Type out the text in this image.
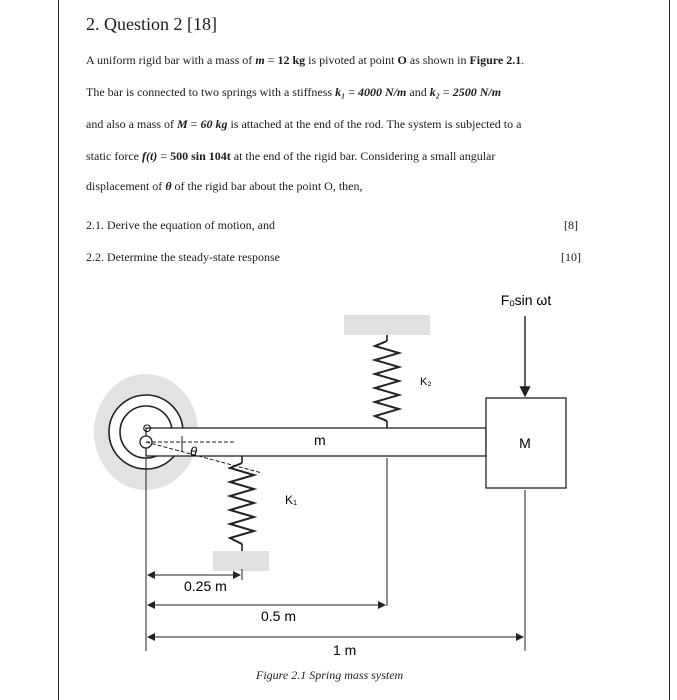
2. Question 2 [18]
A uniform rigid bar with a mass of m = 12 kg is pivoted at point O as shown in Figure 2.1.
The bar is connected to two springs with a stiffness k₁ = 4000 N/m and k₂ = 2500 N/m
and also a mass of M = 60 kg is attached at the end of the rod. The system is subjected to a
static force f(t) = 500 sin 104t at the end of the rigid bar. Considering a small angular
displacement of θ of the rigid bar about the point O, then,
2.1. Derive the equation of motion, and	[8]
2.2. Determine the steady-state response	[10]
O
θ
K₁
K₂
m	M
Fₒsin ωt
0.25 m
0.5 m
1 m
Figure 2.1 Spring mass system
